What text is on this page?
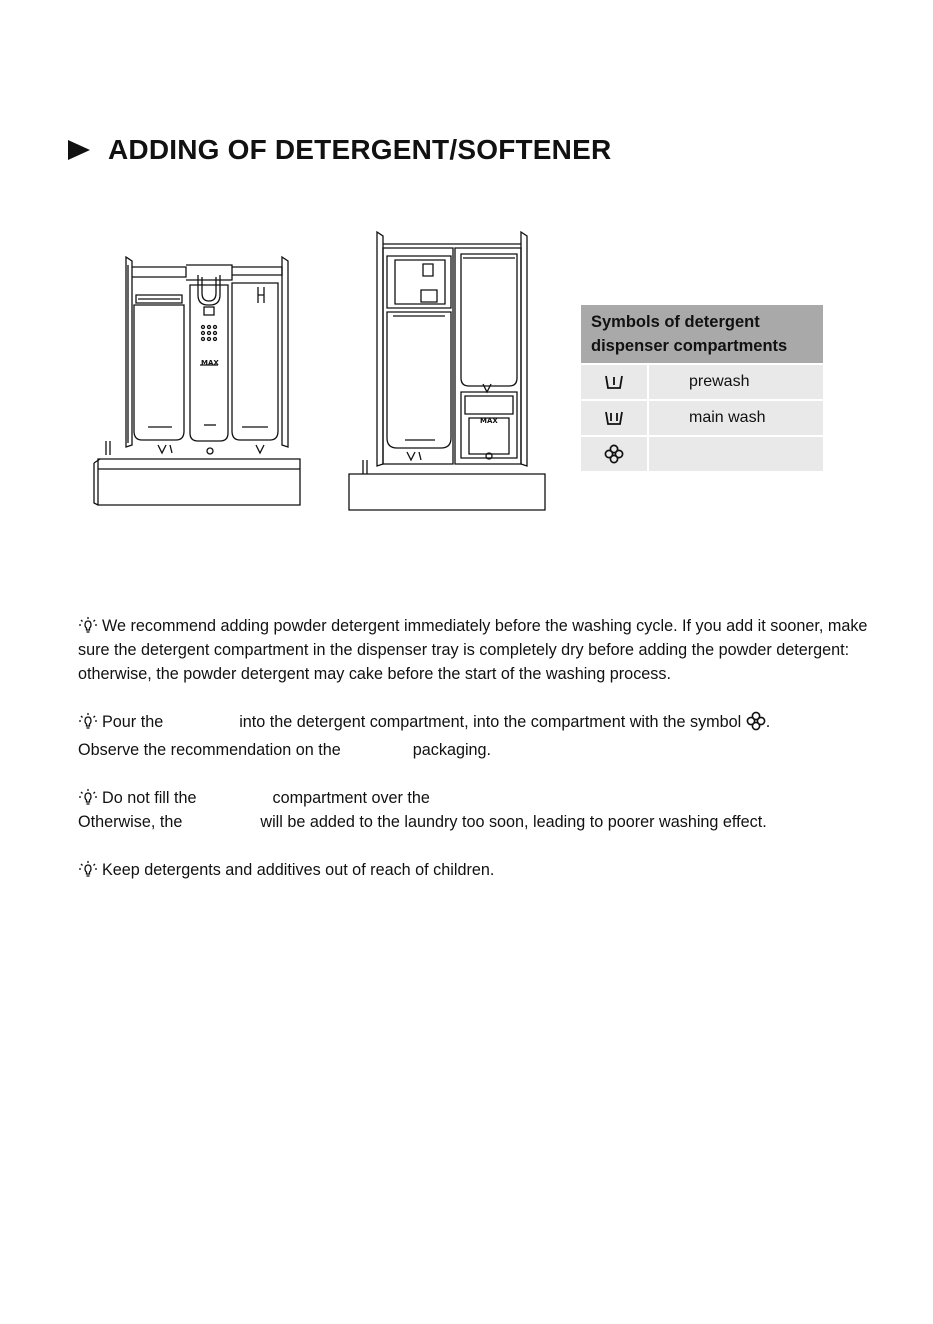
ADDING OF DETERGENT/SOFTENER
MAX
MAX
Symbols of detergent dispenser compartments	
	prewash
	main wash

We recommend adding powder detergent immediately before the washing cycle. If you add it sooner, make sure the detergent compartment in the dispenser tray is completely dry before adding the powder detergent: otherwise, the powder detergent may cake before the start of the washing process.

Pour the	into the detergent compartment, into the compartment with the symbol .
Observe the recommendation on the	packaging.

Do not fill the	compartment over the
Otherwise, the	will be added to the laundry too soon, leading to poorer washing effect.

Keep detergents and additives out of reach of children.
